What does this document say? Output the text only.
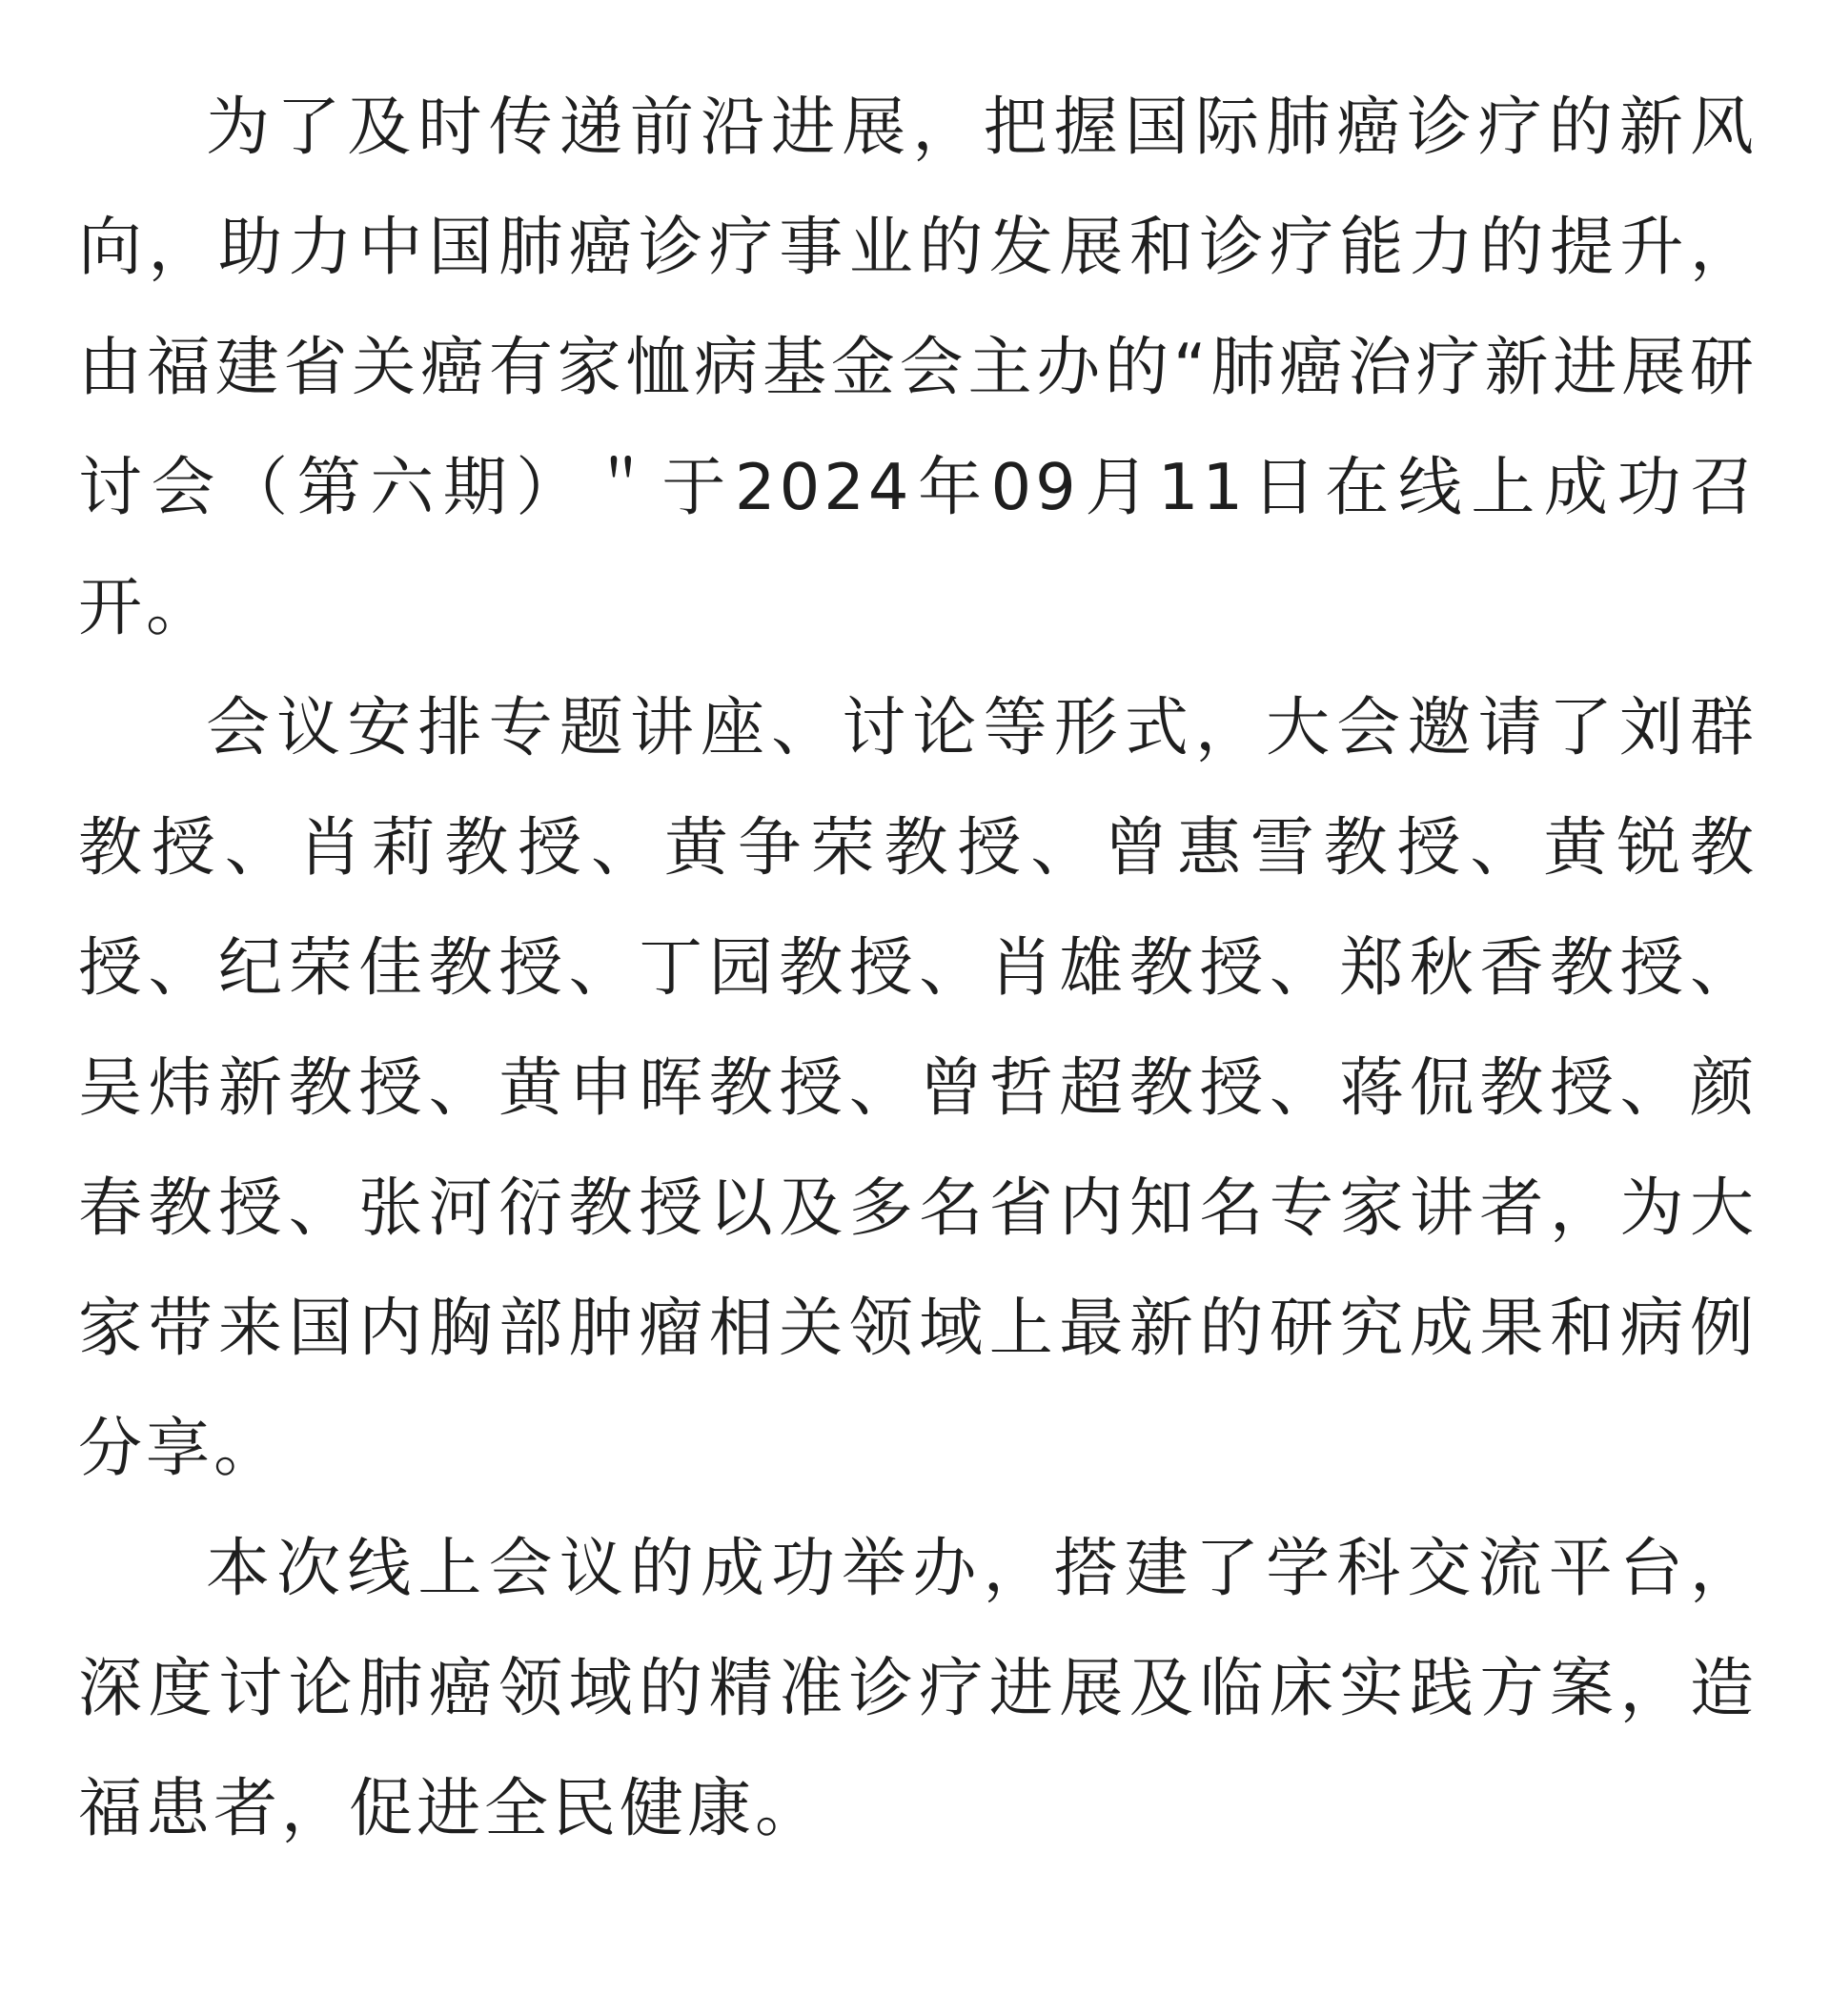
为了及时传递前沿进展，把握国际肺癌诊疗的新风向，助力中国肺癌诊疗事业的发展和诊疗能力的提升，由福建省关癌有家恤病基金会主办的“肺癌治疗新进展研讨会（第六期）＂于2024年09月11日在线上成功召开。

会议安排专题讲座、讨论等形式，大会邀请了刘群教授、肖莉教授、黄争荣教授、曾惠雪教授、黄锐教授、纪荣佳教授、丁园教授、肖雄教授、郑秋香教授、吴炜新教授、黄申晖教授、曾哲超教授、蒋侃教授、颜春教授、张河衍教授以及多名省内知名专家讲者，为大家带来国内胸部肿瘤相关领域上最新的研究成果和病例分享。

本次线上会议的成功举办，搭建了学科交流平台，深度讨论肺癌领域的精准诊疗进展及临床实践方案，造福患者，促进全民健康。
